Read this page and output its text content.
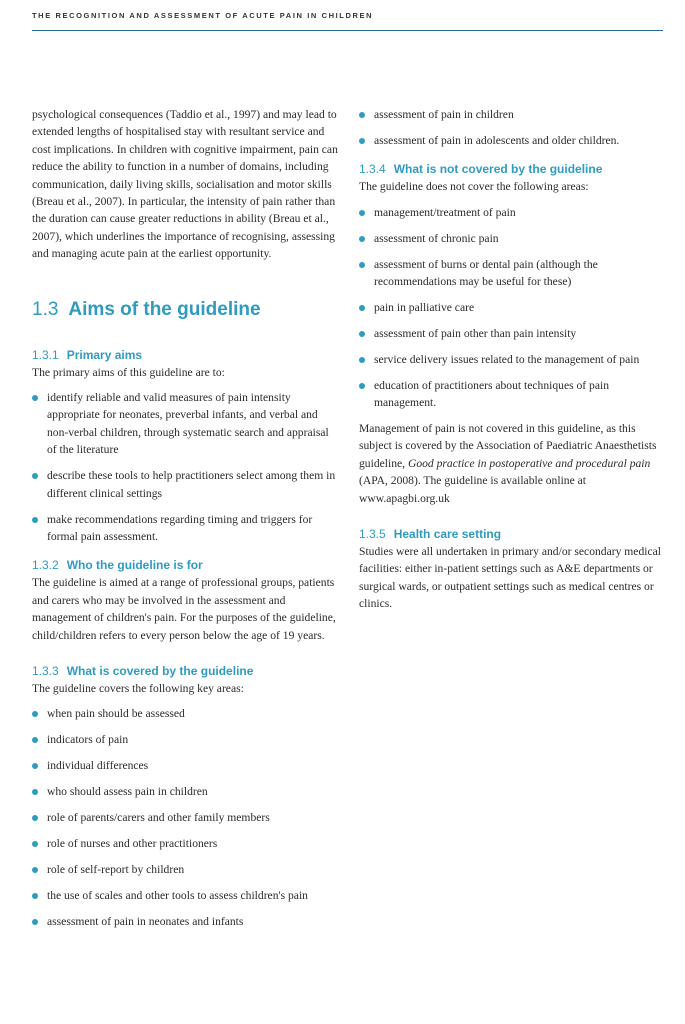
THE RECOGNITION AND ASSESSMENT OF ACUTE PAIN IN CHILDREN

psychological consequences (Taddio et al., 1997) and may lead to extended lengths of hospitalised stay with resultant service and cost implications. In children with cognitive impairment, pain can reduce the ability to function in a number of domains, including communication, daily living skills, socialisation and motor skills (Breau et al., 2007). In particular, the intensity of pain rather than the duration can cause greater reductions in ability (Breau et al., 2007), which underlines the importance of recognising, assessing and managing acute pain at the earliest opportunity.

1.3 Aims of the guideline
1.3.1 Primary aims

The primary aims of this guideline are to:

identify reliable and valid measures of pain intensity appropriate for neonates, preverbal infants, and verbal and non-verbal children, through systematic search and appraisal of the literature
describe these tools to help practitioners select among them in different clinical settings
make recommendations regarding timing and triggers for formal pain assessment.
1.3.2 Who the guideline is for

The guideline is aimed at a range of professional groups, patients and carers who may be involved in the assessment and management of children's pain. For the purposes of the guideline, child/children refers to every person below the age of 19 years.

1.3.3 What is covered by the guideline

The guideline covers the following key areas:

when pain should be assessed
indicators of pain
individual differences
who should assess pain in children
role of parents/carers and other family members
role of nurses and other practitioners
role of self-report by children
the use of scales and other tools to assess children's pain
assessment of pain in neonates and infants
assessment of pain in children
assessment of pain in adolescents and older children.
1.3.4 What is not covered by the guideline

The guideline does not cover the following areas:

management/treatment of pain
assessment of chronic pain
assessment of burns or dental pain (although the recommendations may be useful for these)
pain in palliative care
assessment of pain other than pain intensity
service delivery issues related to the management of pain
education of practitioners about techniques of pain management.

Management of pain is not covered in this guideline, as this subject is covered by the Association of Paediatric Anaesthetists guideline, Good practice in postoperative and procedural pain (APA, 2008). The guideline is available online at www.apagbi.org.uk

1.3.5 Health care setting

Studies were all undertaken in primary and/or secondary medical facilities: either in-patient settings such as A&E departments or surgical wards, or outpatient settings such as medical centres or clinics.
